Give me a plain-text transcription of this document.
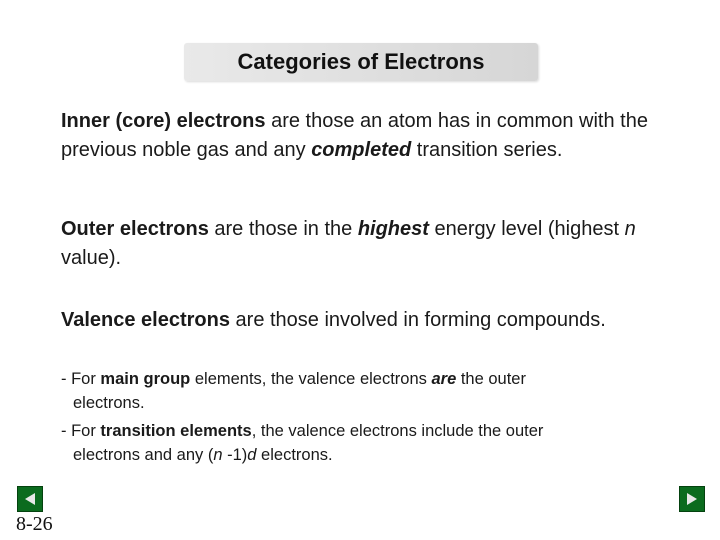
Categories of Electrons
Inner (core) electrons are those an atom has in common with the previous noble gas and any completed transition series.
Outer electrons are those in the highest energy level (highest n value).
Valence electrons are those involved in forming compounds.
- For main group elements, the valence electrons are the outer
electrons.
- For transition elements, the valence electrons include the outer
electrons and any (n -1)d electrons.
8-26
